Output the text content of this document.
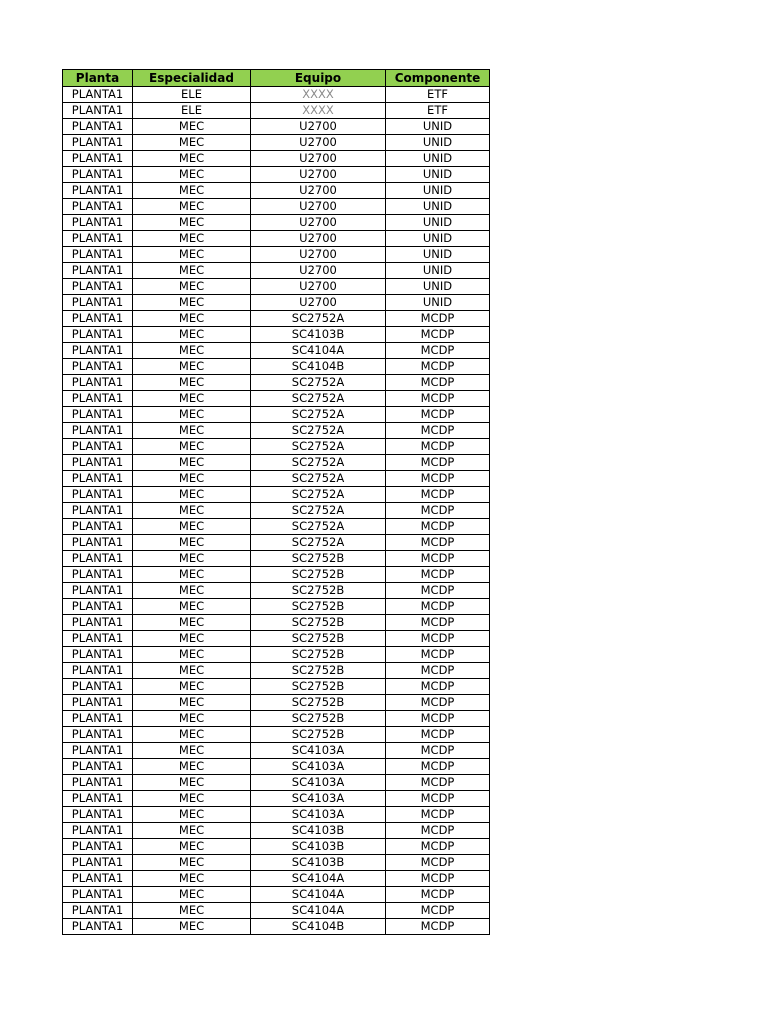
Planta	Especialidad	Equipo	Componente
PLANTA1	ELE	XXXX	ETF
PLANTA1	ELE	XXXX	ETF
PLANTA1	MEC	U2700	UNID
PLANTA1	MEC	U2700	UNID
PLANTA1	MEC	U2700	UNID
PLANTA1	MEC	U2700	UNID
PLANTA1	MEC	U2700	UNID
PLANTA1	MEC	U2700	UNID
PLANTA1	MEC	U2700	UNID
PLANTA1	MEC	U2700	UNID
PLANTA1	MEC	U2700	UNID
PLANTA1	MEC	U2700	UNID
PLANTA1	MEC	U2700	UNID
PLANTA1	MEC	U2700	UNID
PLANTA1	MEC	SC2752A	MCDP
PLANTA1	MEC	SC4103B	MCDP
PLANTA1	MEC	SC4104A	MCDP
PLANTA1	MEC	SC4104B	MCDP
PLANTA1	MEC	SC2752A	MCDP
PLANTA1	MEC	SC2752A	MCDP
PLANTA1	MEC	SC2752A	MCDP
PLANTA1	MEC	SC2752A	MCDP
PLANTA1	MEC	SC2752A	MCDP
PLANTA1	MEC	SC2752A	MCDP
PLANTA1	MEC	SC2752A	MCDP
PLANTA1	MEC	SC2752A	MCDP
PLANTA1	MEC	SC2752A	MCDP
PLANTA1	MEC	SC2752A	MCDP
PLANTA1	MEC	SC2752A	MCDP
PLANTA1	MEC	SC2752B	MCDP
PLANTA1	MEC	SC2752B	MCDP
PLANTA1	MEC	SC2752B	MCDP
PLANTA1	MEC	SC2752B	MCDP
PLANTA1	MEC	SC2752B	MCDP
PLANTA1	MEC	SC2752B	MCDP
PLANTA1	MEC	SC2752B	MCDP
PLANTA1	MEC	SC2752B	MCDP
PLANTA1	MEC	SC2752B	MCDP
PLANTA1	MEC	SC2752B	MCDP
PLANTA1	MEC	SC2752B	MCDP
PLANTA1	MEC	SC2752B	MCDP
PLANTA1	MEC	SC4103A	MCDP
PLANTA1	MEC	SC4103A	MCDP
PLANTA1	MEC	SC4103A	MCDP
PLANTA1	MEC	SC4103A	MCDP
PLANTA1	MEC	SC4103A	MCDP
PLANTA1	MEC	SC4103B	MCDP
PLANTA1	MEC	SC4103B	MCDP
PLANTA1	MEC	SC4103B	MCDP
PLANTA1	MEC	SC4104A	MCDP
PLANTA1	MEC	SC4104A	MCDP
PLANTA1	MEC	SC4104A	MCDP
PLANTA1	MEC	SC4104B	MCDP
